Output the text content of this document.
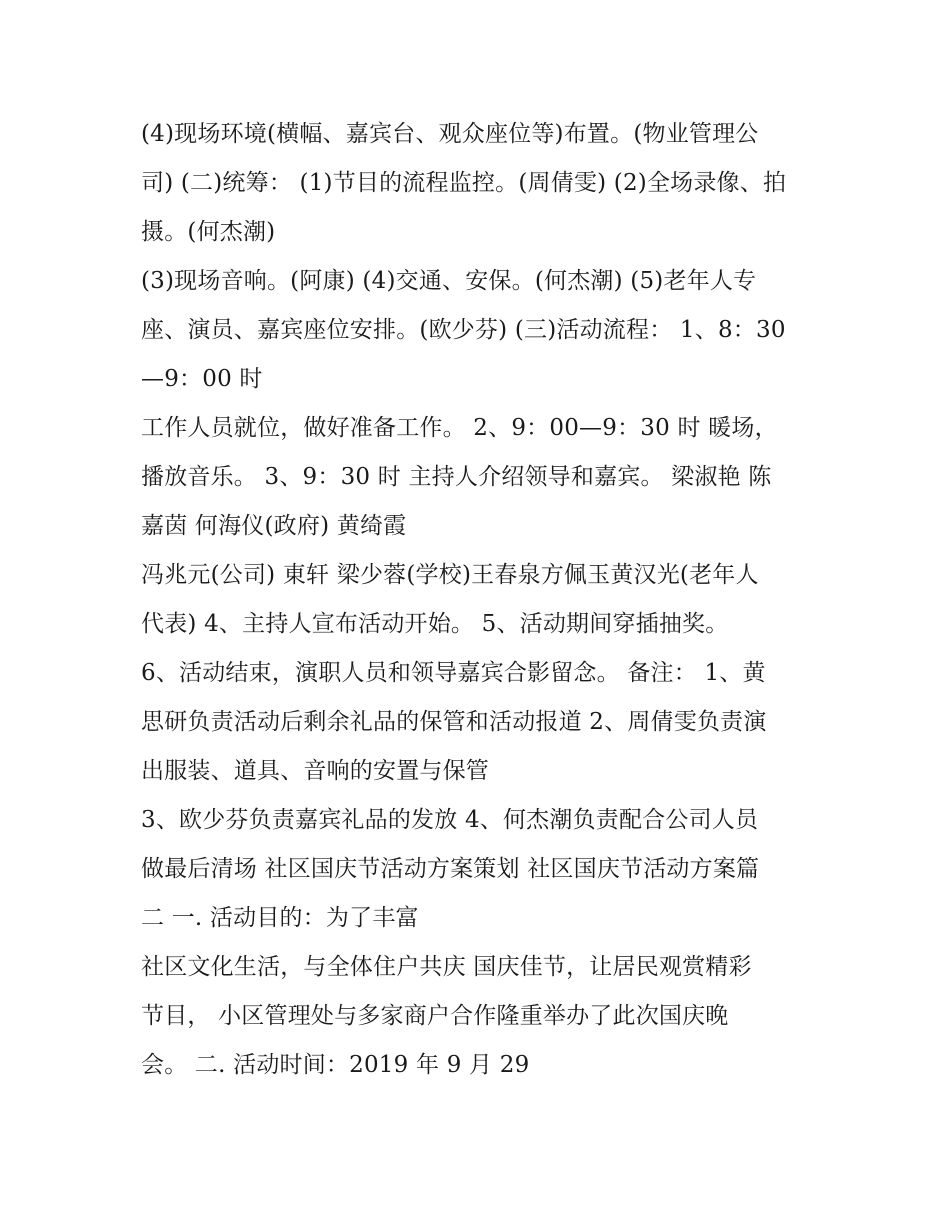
(4)现场环境(横幅、嘉宾台、观众座位等)布置。(物业管理公
司) (二)统筹： (1)节目的流程监控。(周倩雯) (2)全场录像、拍
摄。(何杰潮)
(3)现场音响。(阿康) (4)交通、安保。(何杰潮) (5)老年人专
座、演员、嘉宾座位安排。(欧少芬) (三)活动流程： 1、8：30
—9：00 时
工作人员就位，做好准备工作。 2、9：00—9：30 时 暖场，
播放音乐。 3、9：30 时 主持人介绍领导和嘉宾。 梁淑艳 陈
嘉茵 何海仪(政府) 黄绮霞
冯兆元(公司) 東轩 梁少蓉(学校)王春泉方佩玉黄汉光(老年人
代表) 4、主持人宣布活动开始。 5、活动期间穿插抽奖。
6、活动结束，演职人员和领导嘉宾合影留念。 备注： 1、黄
思研负责活动后剩余礼品的保管和活动报道 2、周倩雯负责演
出服装、道具、音响的安置与保管
3、欧少芬负责嘉宾礼品的发放 4、何杰潮负责配合公司人员
做最后清场 社区国庆节活动方案策划 社区国庆节活动方案篇
二 一. 活动目的：为了丰富
社区文化生活，与全体住户共庆 国庆佳节，让居民观赏精彩
节目， 小区管理处与多家商户合作隆重举办了此次国庆晚
会。 二. 活动时间：2019 年 9 月 29
